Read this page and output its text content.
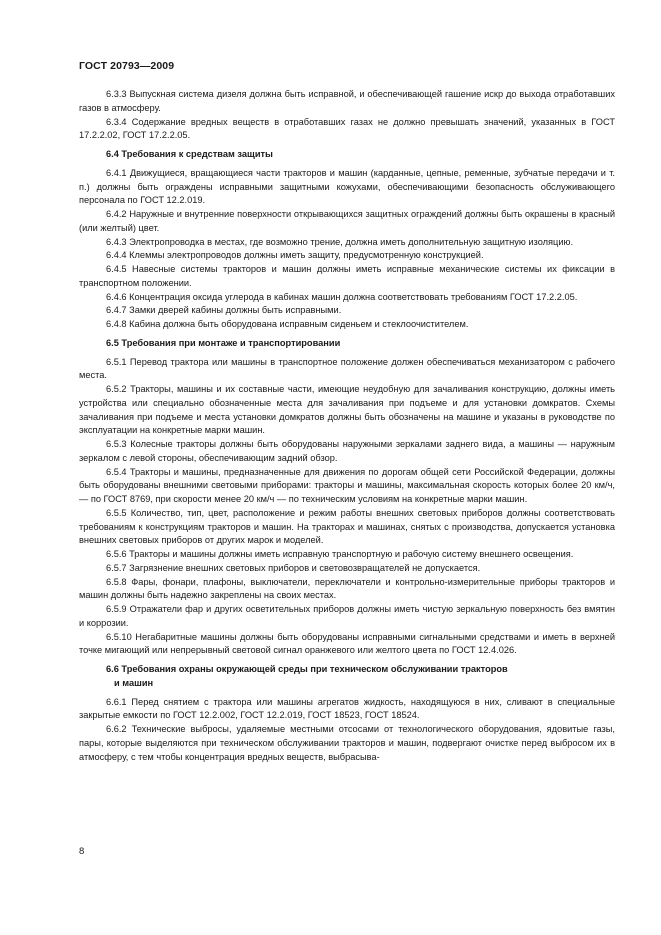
ГОСТ 20793—2009

6.3.3 Выпускная система дизеля должна быть исправной, и обеспечивающей гашение искр до выхода отработавших газов в атмосферу.

6.3.4 Содержание вредных веществ в отработавших газах не должно превышать значений, указанных в ГОСТ 17.2.2.02, ГОСТ 17.2.2.05.

6.4 Требования к средствам защиты

6.4.1 Движущиеся, вращающиеся части тракторов и машин (карданные, цепные, ременные, зубчатые передачи и т. п.) должны быть ограждены исправными защитными кожухами, обеспечивающими безопасность обслуживающего персонала по ГОСТ 12.2.019.

6.4.2 Наружные и внутренние поверхности открывающихся защитных ограждений должны быть окрашены в красный (или желтый) цвет.

6.4.3 Электропроводка в местах, где возможно трение, должна иметь дополнительную защитную изоляцию.

6.4.4 Клеммы электропроводов должны иметь защиту, предусмотренную конструкцией.

6.4.5 Навесные системы тракторов и машин должны иметь исправные механические системы их фиксации в транспортном положении.

6.4.6 Концентрация оксида углерода в кабинах машин должна соответствовать требованиям ГОСТ 17.2.2.05.

6.4.7 Замки дверей кабины должны быть исправными.

6.4.8 Кабина должна быть оборудована исправным сиденьем и стеклоочистителем.

6.5 Требования при монтаже и транспортировании

6.5.1 Перевод трактора или машины в транспортное положение должен обеспечиваться механизатором с рабочего места.

6.5.2 Тракторы, машины и их составные части, имеющие неудобную для зачаливания конструкцию, должны иметь устройства или специально обозначенные места для зачаливания при подъеме и для установки домкратов. Схемы зачаливания при подъеме и места установки домкратов должны быть обозначены на машине и указаны в руководстве по эксплуатации на конкретные марки машин.

6.5.3 Колесные тракторы должны быть оборудованы наружными зеркалами заднего вида, а машины — наружным зеркалом с левой стороны, обеспечивающим задний обзор.

6.5.4 Тракторы и машины, предназначенные для движения по дорогам общей сети Российской Федерации, должны быть оборудованы внешними световыми приборами: тракторы и машины, максимальная скорость которых более 20 км/ч, — по ГОСТ 8769, при скорости менее 20 км/ч — по техническим условиям на конкретные марки машин.

6.5.5 Количество, тип, цвет, расположение и режим работы внешних световых приборов должны соответствовать требованиям к конструкциям тракторов и машин. На тракторах и машинах, снятых с производства, допускается установка внешних световых приборов от других марок и моделей.

6.5.6 Тракторы и машины должны иметь исправную транспортную и рабочую систему внешнего освещения.

6.5.7 Загрязнение внешних световых приборов и световозвращателей не допускается.

6.5.8 Фары, фонари, плафоны, выключатели, переключатели и контрольно-измерительные приборы тракторов и машин должны быть надежно закреплены на своих местах.

6.5.9 Отражатели фар и других осветительных приборов должны иметь чистую зеркальную поверхность без вмятин и коррозии.

6.5.10 Негабаритные машины должны быть оборудованы исправными сигнальными средствами и иметь в верхней точке мигающий или непрерывный световой сигнал оранжевого или желтого цвета по ГОСТ 12.4.026.

6.6 Требования охраны окружающей среды при техническом обслуживании тракторов
и машин

6.6.1 Перед снятием с трактора или машины агрегатов жидкость, находящуюся в них, сливают в специальные закрытые емкости по ГОСТ 12.2.002, ГОСТ 12.2.019, ГОСТ 18523, ГОСТ 18524.

6.6.2 Технические выбросы, удаляемые местными отсосами от технологического оборудования, ядовитые газы, пары, которые выделяются при техническом обслуживании тракторов и машин, подвергают очистке перед выбросом их в атмосферу, с тем чтобы концентрация вредных веществ, выбрасыва-

8
